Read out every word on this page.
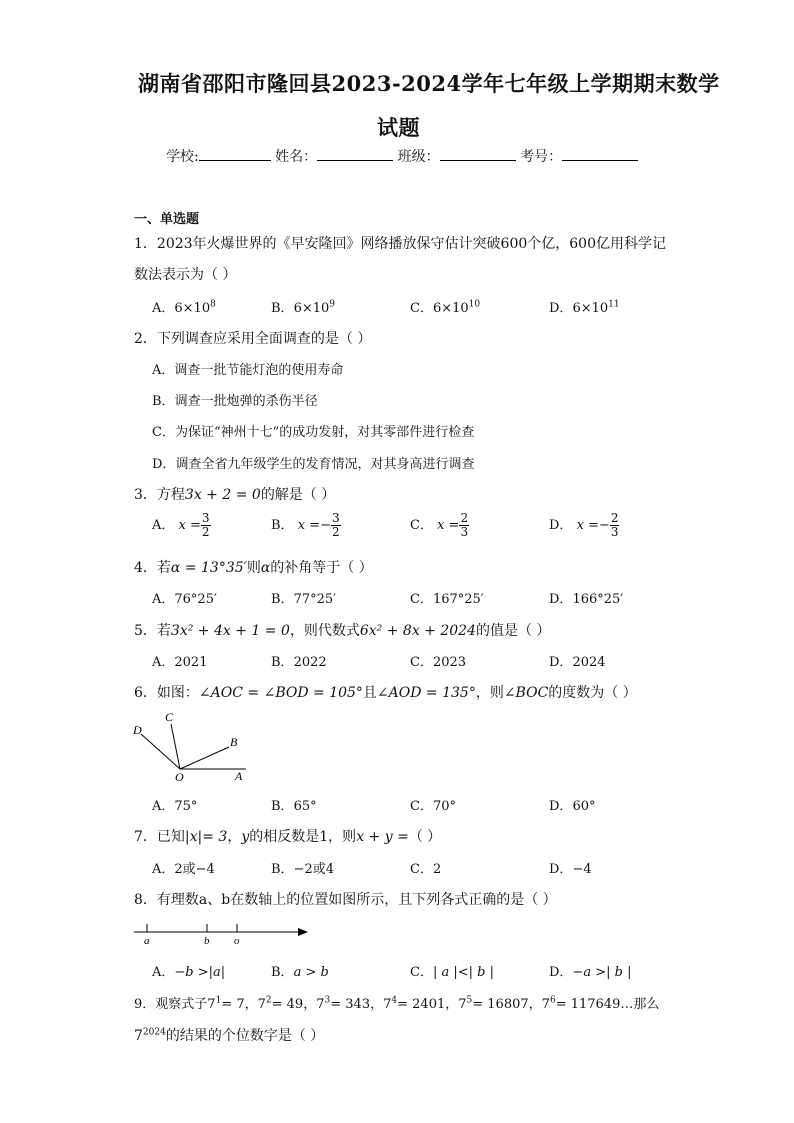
湖南省邵阳市隆回县2023-2024学年七年级上学期期末数学
试题
学校:	姓名：	班级：	考号：
一、单选题
1．2023年火爆世界的《早安隆回》网络播放保守估计突破600个亿，600亿用科学记
数法表示为（ ）
A．$6\times 10^8$	B．$6\times 10^9$	C．$6\times 10^{10}$	D．$6\times 10^{11}$
2．下列调查应采用全面调查的是（ ）
A．调查一批节能灯泡的使用寿命
B．调查一批炮弹的杀伤半径
C．为保证“神州十七”的成功发射，对其零部件进行检查
D．调查全省九年级学生的发育情况，对其身高进行调查
3．方程3x + 2 = 0的解是（ ）
A． $x = \frac{3}{2}$	B． $x =- \frac{3}{2}$	C． $x = \frac{2}{3}$	D． $x =- \frac{2}{3}$
4．若α = 13°35′则α的补角等于（ ）
A．76°25′	B．77°25′	C．167°25′	D．166°25′
5．若3x² + 4x + 1 = 0，则代数式6x² + 8x + 2024的值是（ ）
A．2021	B．2022	C．2023	D．2024
6．如图：∠AOC = ∠BOD = 105°且∠AOD = 135°，则∠BOC的度数为（ ）
D
C
B
O	A
A．75°	B．65°	C．70°	D．60°
7．已知|x|= 3，y的相反数是1，则x + y =（ ）
A．2或−4	B．−2或4	C．2	D．−4
8．有理数a、b在数轴上的位置如图所示，且下列各式正确的是（ ）
a	b o
A．−b >|a|	B．a > b	C．| a |<| b |	D．−a >| b |
9．观察式子$7^1= 7$，$7^2= 49$，$7^3= 343$，$7^4= 2401$，$7^5= 16807$，$7^6=$ 117649…那么
$7^{2024}$的结果的个位数字是（ ）
